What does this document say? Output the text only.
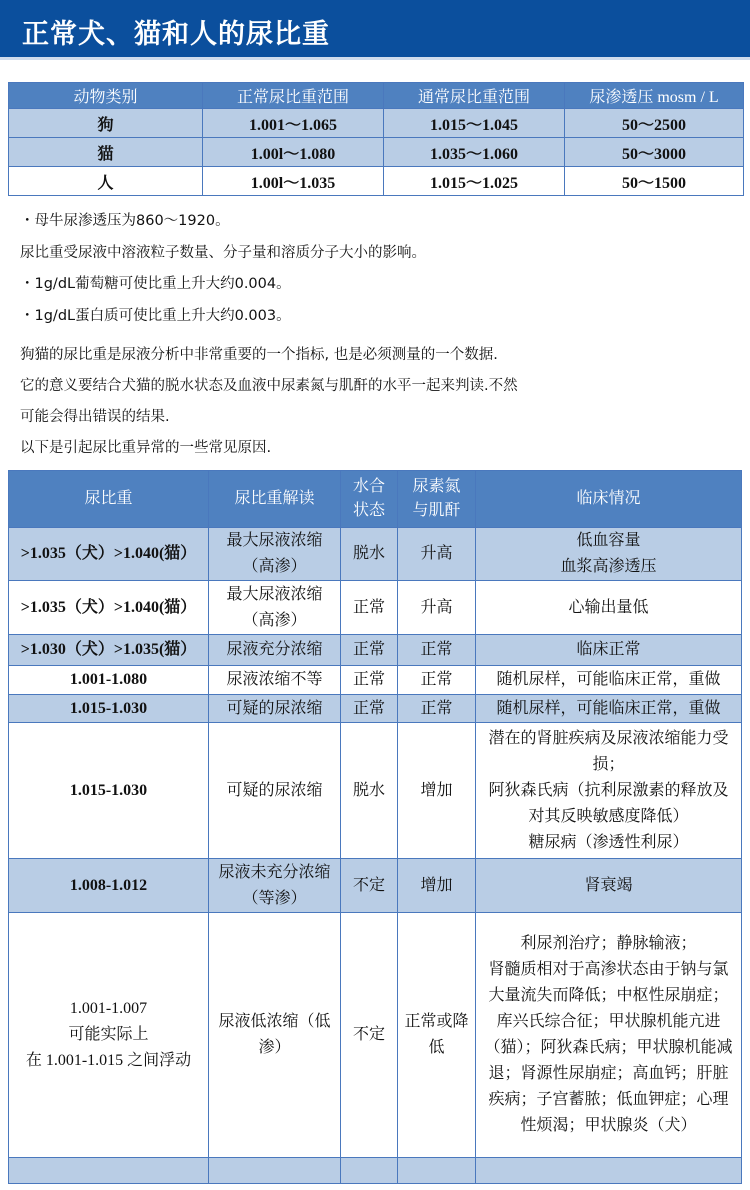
正常犬、猫和人的尿比重
动物类别	正常尿比重范围	通常尿比重范围	尿渗透压 mosm / L
狗	1.001～1.065	1.015～1.045	50～2500
猫	1.00l～1.080	1.035～1.060	50～3000
人	1.00l～1.035	1.015～1.025	50～1500
・母牛尿渗透压为860～1920。
尿比重受尿液中溶液粒子数量、分子量和溶质分子大小的影响。
・1g/dL葡萄糖可使比重上升大约0.004。
・1g/dL蛋白质可使比重上升大约0.003。
狗猫的尿比重是尿液分析中非常重要的一个指标, 也是必须测量的一个数据.
它的意义要结合犬猫的脱水状态及血液中尿素氮与肌酐的水平一起来判读.不然
可能会得出错误的结果.
以下是引起尿比重异常的一些常见原因.
尿比重	尿比重解读	水合状态	尿素氮与肌酐	临床情况
>1.035（犬）>1.040(猫）	最大尿液浓缩（高渗）	脱水	升高	低血容量
血浆高渗透压
>1.035（犬）>1.040(猫）	最大尿液浓缩（高渗）	正常	升高	心输出量低
>1.030（犬）>1.035(猫）	尿液充分浓缩	正常	正常	临床正常
1.001-1.080	尿液浓缩不等	正常	正常	随机尿样，可能临床正常，重做
1.015-1.030	可疑的尿浓缩	正常	正常	随机尿样，可能临床正常，重做
1.015-1.030	可疑的尿浓缩	脱水	增加	潜在的肾脏疾病及尿液浓缩能力受损；
阿狄森氏病（抗利尿激素的释放及对其反映敏感度降低）
糖尿病（渗透性利尿）
1.008-1.012	尿液未充分浓缩（等渗）	不定	增加	肾衰竭
1.001-1.007
可能实际上
在 1.001-1.015 之间浮动	尿液低浓缩（低渗）	不定	正常或降低	利尿剂治疗；静脉输液；
肾髓质相对于高渗状态由于钠与氯大量流失而降低；中枢性尿崩症；库兴氏综合征；甲状腺机能亢进（猫）；阿狄森氏病；甲状腺机能减退；肾源性尿崩症；高血钙；肝脏疾病；子宫蓄脓；低血钾症；心理性烦渴；甲状腺炎（犬）
